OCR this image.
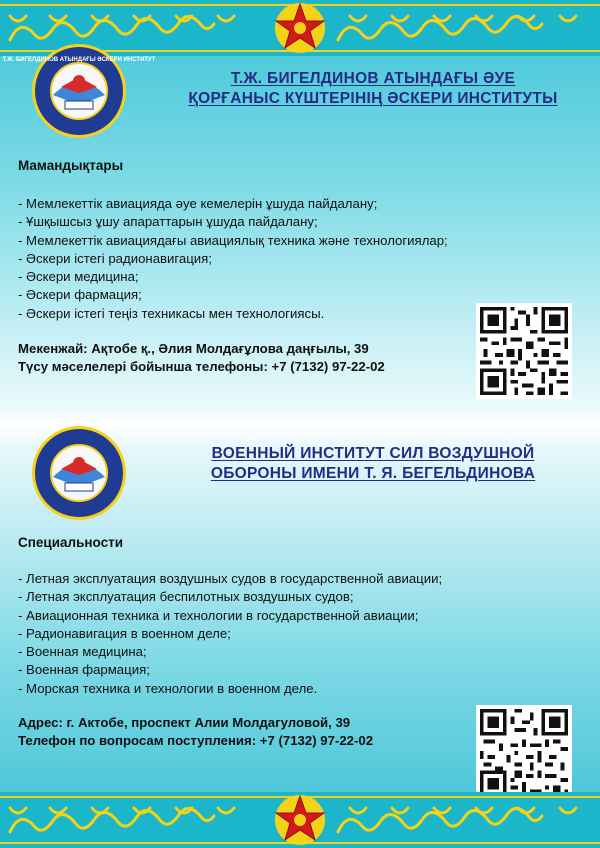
Т.Ж. БИГЕЛДИНОВ АТЫНДАҒЫ ӘСКЕРИ ИНСТИТУТ
Т.Ж. БИГЕЛДИНОВ АТЫНДАҒЫ ӘУЕ
ҚОРҒАНЫС КҮШТЕРІНІҢ ӘСКЕРИ ИНСТИТУТЫ
Мамандықтары
- Мемлекеттік авиацияда әуе кемелерін ұшуда пайдалану;
- Ұшқышсыз ұшу апараттарын ұшуда пайдалану;
- Мемлекеттік авиациядағы авиациялық техника және технологиялар;
- Әскери істегі радионавигация;
- Әскери медицина;
- Әскери фармация;
- Әскери істегі теңіз техникасы мен технологиясы.

Мекенжай: Ақтобе қ., Әлия Молдағұлова даңғылы, 39
Түсу мәселелері бойынша телефоны: +7 (7132) 97-22-02

ВОЕННЫЙ ИНСТИТУТ СИЛ ВОЗДУШНОЙ
ОБОРОНЫ ИМЕНИ Т. Я. БЕГЕЛЬДИНОВА
Специальности
- Летная эксплуатация воздушных судов в государственной авиации;
- Летная эксплуатация беспилотных воздушных судов;
- Авиационная техника и технологии в государственной авиации;
- Радионавигация в военном деле;
- Военная медицина;
- Военная фармация;
- Морская техника и технологии в военном деле.

Адрес: г. Актобе, проспект Алии Молдагуловой, 39
Телефон по вопросам поступления: +7 (7132) 97-22-02
